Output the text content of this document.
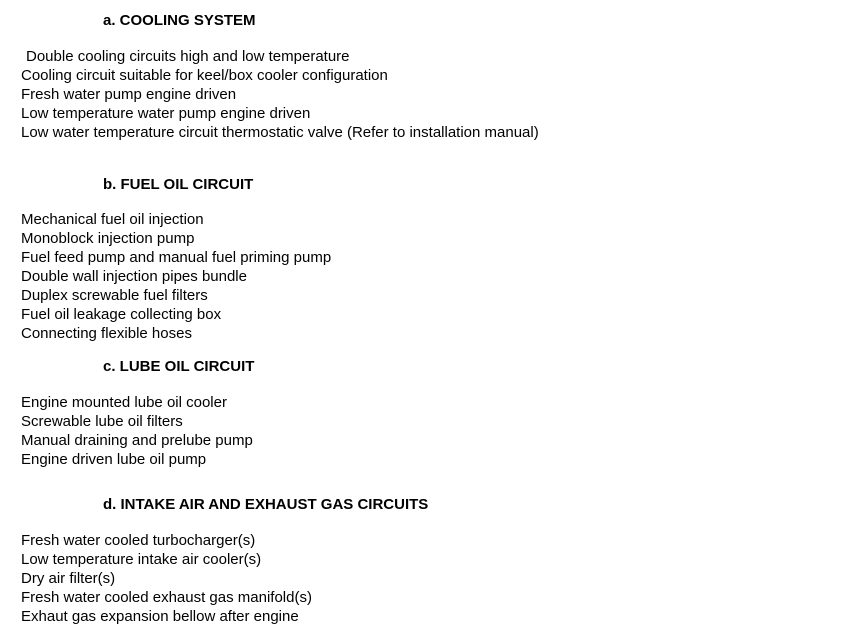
a. COOLING SYSTEM
Double cooling circuits high and low temperature
Cooling circuit suitable for keel/box cooler configuration
Fresh water pump engine driven
Low temperature water pump engine driven
Low water temperature circuit thermostatic valve (Refer to installation manual)
b. FUEL OIL CIRCUIT
Mechanical fuel oil injection
Monoblock injection pump
Fuel feed pump and manual fuel priming pump
Double wall injection pipes bundle
Duplex screwable fuel filters
Fuel oil leakage collecting box
Connecting flexible hoses
c. LUBE OIL CIRCUIT
Engine mounted lube oil cooler
Screwable lube oil filters
Manual draining and prelube pump
Engine driven lube oil pump
d. INTAKE AIR AND EXHAUST GAS CIRCUITS
Fresh water cooled turbocharger(s)
Low temperature intake air cooler(s)
Dry air filter(s)
Fresh water cooled exhaust gas manifold(s)
Exhaut gas expansion bellow after engine
